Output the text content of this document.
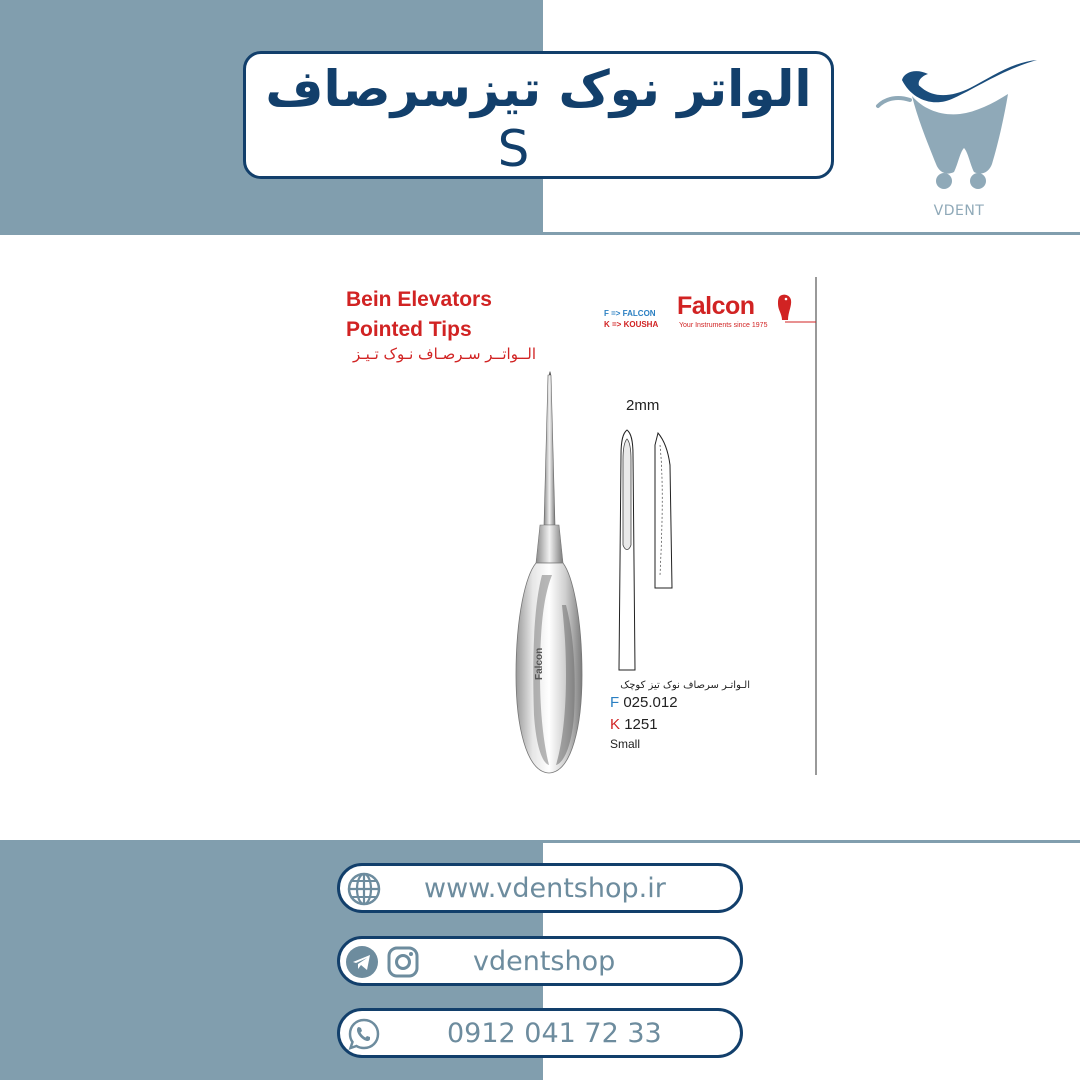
الواتر نوک تیزسرصاف
S
VDENT
Bein Elevators
Pointed Tips
الــواتــر سـرصـاف نـوک تـیـز
F => FALCON
K => KOUSHA
Falcon
Your Instruments since 1975
2mm
الـواتـر سرصاف نوک تیز کوچک
F 025.012
K 1251
Small
Falcon
www.vdentshop.ir
vdentshop
0912 041 72 33
